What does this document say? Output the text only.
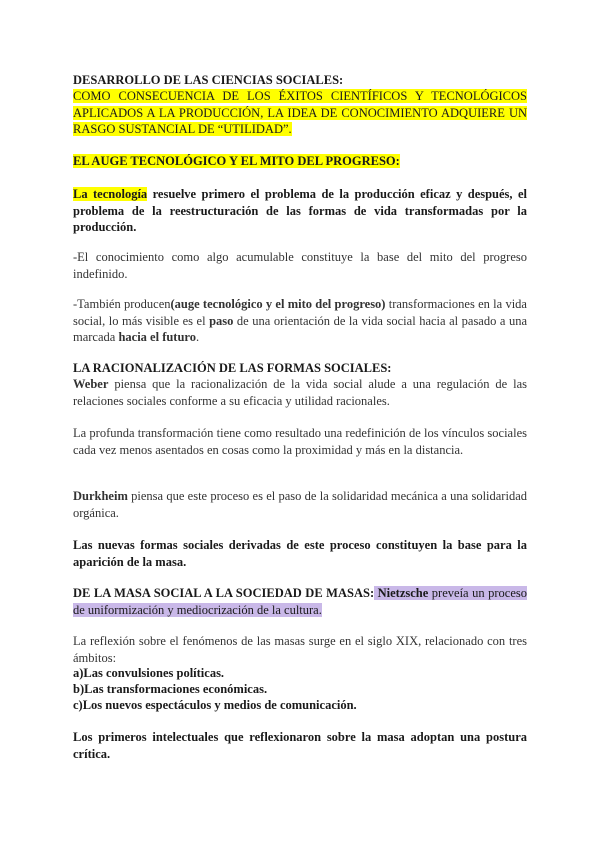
DESARROLLO DE LAS CIENCIAS SOCIALES:

COMO CONSECUENCIA DE LOS ÉXITOS CIENTÍFICOS Y TECNOLÓGICOS APLICADOS A LA PRODUCCIÓN, LA IDEA DE CONOCIMIENTO ADQUIERE UN RASGO SUSTANCIAL DE “UTILIDAD”.

EL AUGE TECNOLÓGICO Y EL MITO DEL PROGRESO:

La tecnología resuelve primero el problema de la producción eficaz y después, el problema de la reestructuración de las formas de vida transformadas por la producción.

-El conocimiento como algo acumulable constituye la base del mito del progreso indefinido.

-También producen(auge tecnológico y el mito del progreso) transformaciones en la vida social, lo más visible es el paso de una orientación de la vida social hacia al pasado a una marcada hacia el futuro.

LA RACIONALIZACIÓN DE LAS FORMAS SOCIALES:

Weber piensa que la racionalización de la vida social alude a una regulación de las relaciones sociales conforme a su eficacia y utilidad racionales.

La profunda transformación tiene como resultado una redefinición de los vínculos sociales cada vez menos asentados en cosas como la proximidad y más en la distancia.

Durkheim piensa que este proceso es el paso de la solidaridad mecánica a una solidaridad orgánica.

Las nuevas formas sociales derivadas de este proceso constituyen la base para la aparición de la masa.

DE LA MASA SOCIAL A LA SOCIEDAD DE MASAS: Nietzsche preveía un proceso de uniformización y mediocrización de la cultura.

La reflexión sobre el fenómenos de las masas surge en el siglo XIX, relacionado con tres ámbitos:

a)Las convulsiones políticas.

b)Las transformaciones económicas.

c)Los nuevos espectáculos y medios de comunicación.

Los primeros intelectuales que reflexionaron sobre la masa adoptan una postura crítica.
